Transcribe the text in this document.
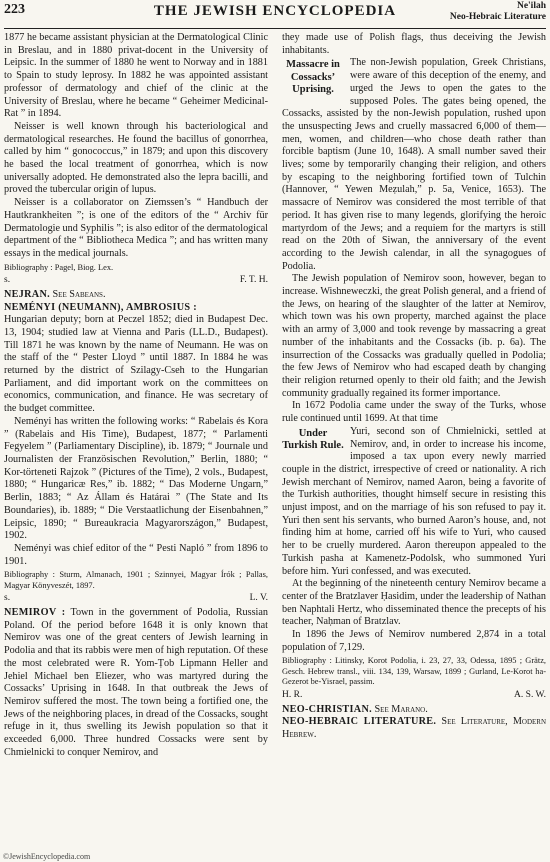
223	THE JEWISH ENCYCLOPEDIA	Ne'ilah
Neo-Hebraic Literature

1877 he became assistant physician at the Dermatological Clinic in Breslau, and in 1880 privat-docent in the University of Leipsic. In the summer of 1880 he went to Norway and in 1881 to Spain to study leprosy. In 1882 he was appointed assistant professor of dermatology and chief of the clinic at the University of Breslau, where he became “ Geheimer Medicinal-Rat ” in 1894.

Neisser is well known through his bacteriological and dermatological researches. He found the bacillus of gonorrhea, called by him “ gonococcus,” in 1879; and upon this discovery he based the local treatment of gonorrhea, which is now universally adopted. He demonstrated also the lepra bacilli, and proved the tubercular origin of lupus.

Neisser is a collaborator on Ziemssen’s “ Handbuch der Hautkrankheiten ”; is one of the editors of the “ Archiv für Dermatologie und Syphilis ”; is also editor of the dermatological department of the “ Bibliotheca Medica ”; and has written many essays in the medical journals.

Bibliography : Pagel, Biog. Lex.

s.	F. T. H.

NEJRAN. See Sabeans.

NEMÉNYI (NEUMANN), AMBROSIUS :

Hungarian deputy; born at Peczel 1852; died in Budapest Dec. 13, 1904; studied law at Vienna and Paris (LL.D., Budapest). Till 1871 he was known by the name of Neumann. He was on the staff of the “ Pester Lloyd ” until 1887. In 1884 he was returned by the district of Szilagy-Cseh to the Hungarian Parliament, and did important work on the committees on economics, communication, and finance. He was secretary of the budget committee.

Neményi has written the following works: “ Rabelais és Kora ” (Rabelais and His Time), Budapest, 1877; “ Parlamenti Fegyelem ” (Parliamentary Discipline), ib. 1879; “ Journale und Journalisten der Französischen Revolution,” Berlin, 1880; “ Kor-törteneti Rajzok ” (Pictures of the Time), 2 vols., Budapest, 1880; “ Hungaricæ Res,” ib. 1882; “ Das Moderne Ungarn,” Berlin, 1883; “ Az Állam és Határai ” (The State and Its Boundaries), ib. 1889; “ Die Verstaatlichung der Eisenbahnen,” Leipsic, 1890; “ Bureaukracia Magyarországon,” Budapest, 1902.

Neményi was chief editor of the “ Pesti Napló ” from 1896 to 1901.

Bibliography : Sturm, Almanach, 1901 ; Szinnyei, Magyar Írók ; Pallas, Magyar Könyveszét, 1897.

s.	L. V.

NEMIROV : Town in the government of Podolia, Russian Poland. Of the period before 1648 it is only known that Nemirov was one of the great centers of Jewish learning in Podolia and that its rabbis were men of high reputation. Of these the most celebrated were R. Yom-Ṭob Lipmann Heller and Jehiel Michael ben Eliezer, who was martyred during the Cossacks’ Uprising in 1648. In that outbreak the Jews of Nemirov suffered the most. The town being a fortified one, the Jews of the neighboring places, in dread of the Cossacks, sought refuge in it, thus swelling its Jewish population so that it exceeded 6,000. Three hundred Cossacks were sent by Chmielnicki to conquer Nemirov, and

they made use of Polish flags, thus deceiving the Jewish inhabitants.

Massacre in Cossacks’ Uprising.

The non-Jewish population, Greek Christians, were aware of this deception of the enemy, and urged the Jews to open the gates to the supposed Poles. The gates being opened, the Cossacks, assisted by the non-Jewish population, rushed upon the unsuspecting Jews and cruelly massacred 6,000 of them—men, women, and children—who chose death rather than forcible baptism (June 10, 1648). A small number saved their lives; some by temporarily changing their religion, and others by escaping to the neighboring fortified town of Tulchin (Hannover, “ Yewen Meẓulah,” p. 5a, Venice, 1653). The massacre of Nemirov was considered the most terrible of that period. It has given rise to many legends, glorifying the heroic martyrdom of the Jews; and a requiem for the martyrs is still read on the 20th of Siwan, the anniversary of the event according to the Jewish calendar, in all the synagogues of Podolia.

The Jewish population of Nemirov soon, however, began to increase. Wishneweczki, the great Polish general, and a friend of the Jews, on hearing of the slaughter of the latter at Nemirov, which town was his own property, marched against the place with an army of 3,000 and took revenge by massacring a great number of the inhabitants and the Cossacks (ib. p. 6a). The insurrection of the Cossacks was gradually quelled in Podolia; the few Jews of Nemirov who had escaped death by changing their religion returned openly to their old faith; and the Jewish community gradually regained its former importance.

In 1672 Podolia came under the sway of the Turks, whose rule continued until 1699. At that time

Under Turkish Rule.

Yuri, second son of Chmielnicki, settled at Nemirov, and, in order to increase his income, imposed a tax upon every newly married couple in the district, irrespective of creed or nationality. A rich Jewish merchant of Nemirov, named Aaron, being a favorite of the Turkish authorities, thought himself secure in resisting this unjust impost, and on the marriage of his son refused to pay it. Yuri then sent his servants, who burned Aaron’s house, and, not finding him at home, carried off his wife to Yuri, who caused her to be cruelly murdered. Aaron thereupon appealed to the Turkish pasha at Kamenetz-Podolsk, who summoned Yuri before him. Yuri confessed, and was executed.

At the beginning of the nineteenth century Nemirov became a center of the Bratzlaver Ḥasidim, under the leadership of Nathan ben Naphtali Hertz, who disseminated thence the precepts of his teacher, Naḥman of Bratzlav.

In 1896 the Jews of Nemirov numbered 2,874 in a total population of 7,129.

Bibliography : Litinsky, Korot Podolia, i. 23, 27, 33, Odessa, 1895 ; Grätz, Gesch. Hebrew transl., viii. 134, 139, Warsaw, 1899 ; Gurland, Le-Korot ha-Gezerot be-Yisrael, passim.

H. R.	A. S. W.

NEO-CHRISTIAN. See Marano.

NEO-HEBRAIC LITERATURE. See Literature, Modern Hebrew.

©JewishEncyclopedia.com
